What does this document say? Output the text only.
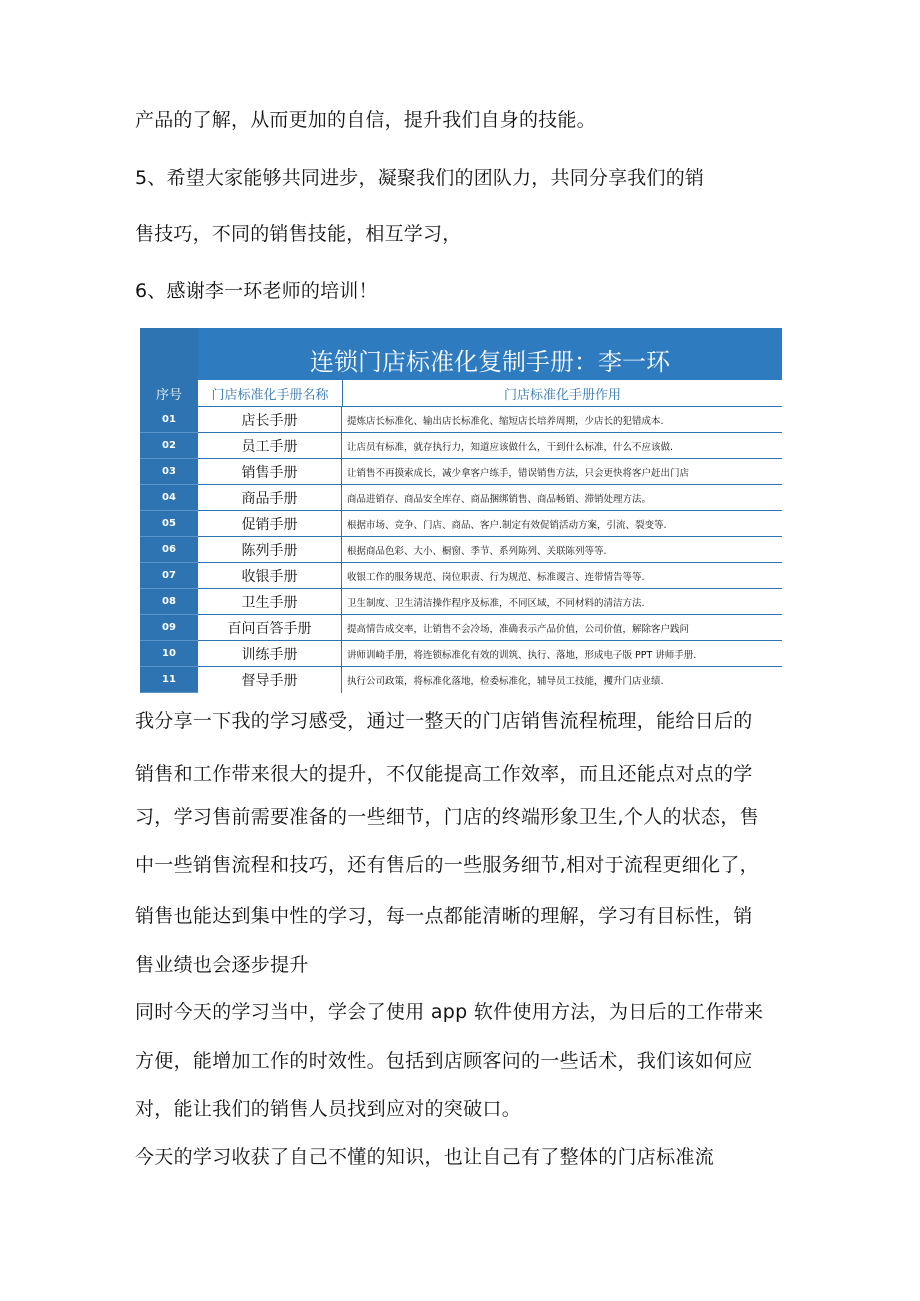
产品的了解，从而更加的自信，提升我们自身的技能。

5、希望大家能够共同进步，凝聚我们的团队力，共同分享我们的销

售技巧，不同的销售技能，相互学习，

6、感谢李一环老师的培训！

连锁门店标准化复制手册：李一环
序号	门店标准化手册名称	门店标准化手册作用
01	店长手册	提炼店长标准化、输出店长标准化、缩短店长培养周期，少店长的犯错成本.
02	员工手册	让店员有标准，就存执行力，知道应该做什么，干到什么标准，什么不应该做.
03	销售手册	让销售不再摸索成长，减少拿客户练手，错误销售方法，只会更快将客户赶出门店
04	商品手册	商品进销存、商品安全库存、商品捆绑销售、商品畅销、滞销处理方法。
05	促销手册	根据市场、竞争、门店、商品、客户.制定有效促销活动方案，引流、裂变等.
06	陈列手册	根据商品色彩、大小、橱窗、季节、系列陈列、关联陈列等等.
07	收银手册	收银工作的服务规范、岗位职责、行为规范、标准谡言、连带情告等等.
08	卫生手册	卫生制度、卫生清洁操作程序及标准，不同区域，不同材料的清洁方法.
09	百问百答手册	提高情告成交率，让销售不会冷场，准确表示产品价值，公司价值，解除客户践问
10	训练手册	讲师训崎手册，将连锁标准化有效的训筑、执行、落地，形成电子版 PPT 讲师手册.
11	督导手册	执行公司政策，将标准化落地，检委标准化，辅导员工技能，攫升门店业绩.

我分享一下我的学习感受，通过一整天的门店销售流程梳理，能给日后的

销售和工作带来很大的提升，不仅能提高工作效率，而且还能点对点的学

习，学习售前需要准备的一些细节，门店的终端形象卫生,个人的状态，售

中一些销售流程和技巧，还有售后的一些服务细节,相对于流程更细化了，

销售也能达到集中性的学习，每一点都能清晰的理解，学习有目标性，销

售业绩也会逐步提升

同时今天的学习当中，学会了使用 app 软件使用方法，为日后的工作带来

方便，能增加工作的时效性。包括到店顾客问的一些话术，我们该如何应

对，能让我们的销售人员找到应对的突破口。

今天的学习收获了自己不懂的知识，也让自己有了整体的门店标准流
